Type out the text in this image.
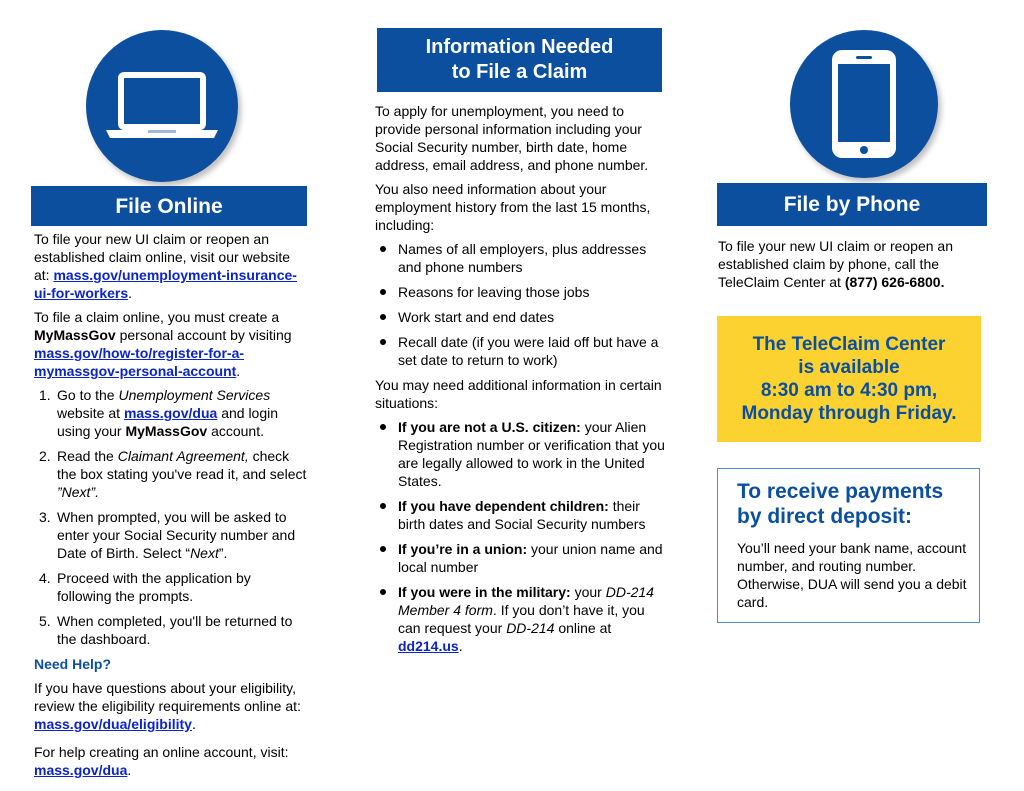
File Online

To file your new UI claim or reopen an established claim online, visit our website at: mass.gov/unemployment-insurance-ui-for-workers.

To file a claim online, you must create a MyMassGov personal account by visiting mass.gov/how-to/register-for-a-mymassgov-personal-account.

1. Go to the Unemployment Services website at mass.gov/dua and login using your MyMassGov account.
2. Read the Claimant Agreement, check the box stating you've read it, and select ”Next”.
3. When prompted, you will be asked to enter your Social Security number and Date of Birth. Select “Next”.
4. Proceed with the application by following the prompts.
5. When completed, you'll be returned to the dashboard.

Need Help?

If you have questions about your eligibility, review the eligibility requirements online at: mass.gov/dua/eligibility.

For help creating an online account, visit: mass.gov/dua.

Information Needed
to File a Claim

To apply for unemployment, you need to provide personal information including your Social Security number, birth date, home address, email address, and phone number.

You also need information about your employment history from the last 15 months, including:

Names of all employers, plus addresses and phone numbers
Reasons for leaving those jobs
Work start and end dates
Recall date (if you were laid off but have a set date to return to work)

You may need additional information in certain situations:

If you are not a U.S. citizen: your Alien Registration number or verification that you are legally allowed to work in the United States.
If you have dependent children: their birth dates and Social Security numbers
If you’re in a union: your union name and local number
If you were in the military: your DD-214 Member 4 form. If you don’t have it, you can request your DD-214 online at dd214.us.
File by Phone

To file your new UI claim or reopen an established claim by phone, call the TeleClaim Center at (877) 626-6800.

The TeleClaim Center
is available
8:30 am to 4:30 pm,
Monday through Friday.
To receive payments
by direct deposit:

You’ll need your bank name, account number, and routing number. Otherwise, DUA will send you a debit card.
